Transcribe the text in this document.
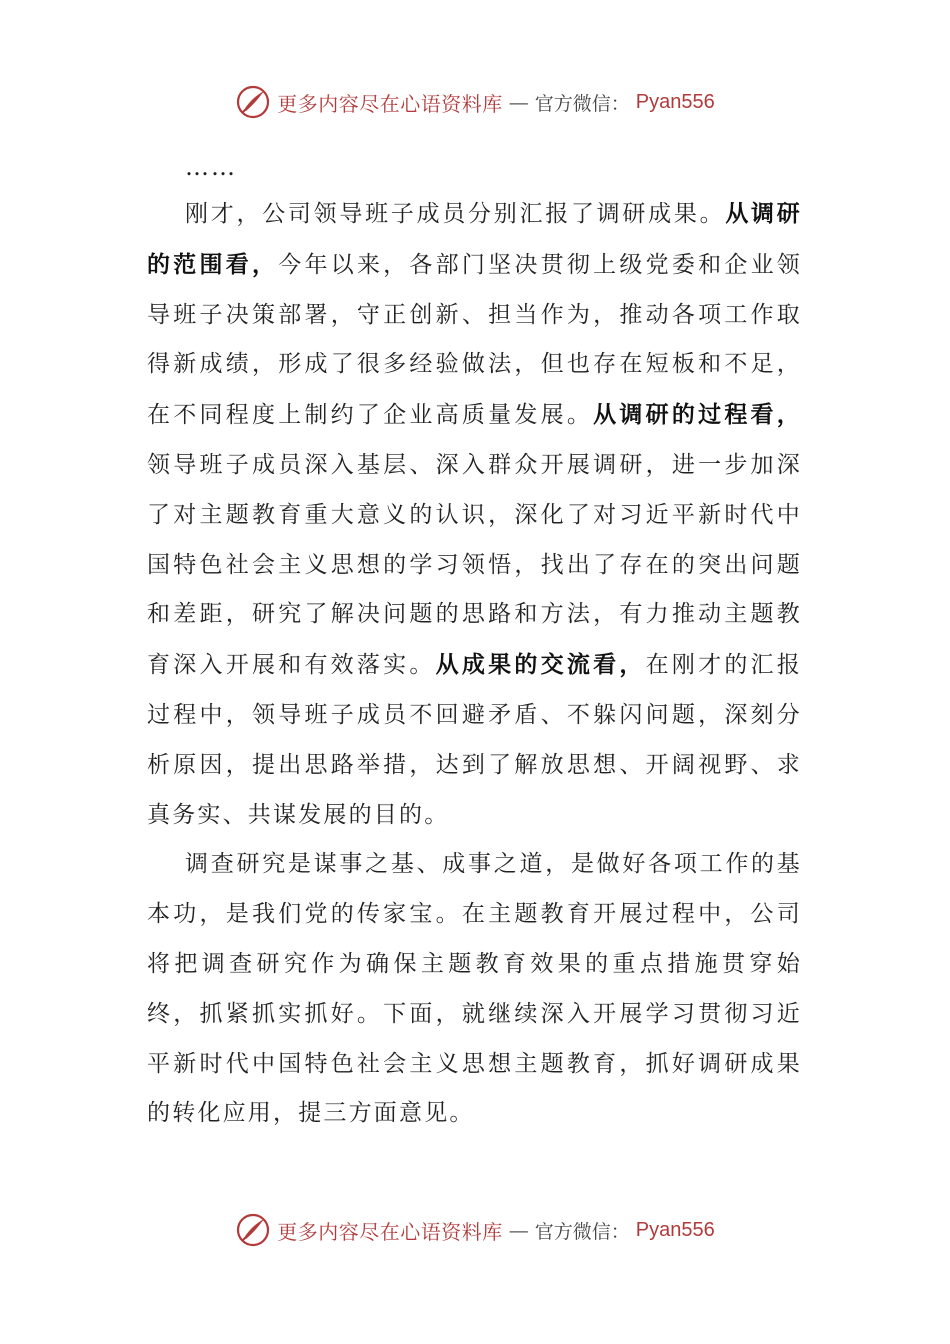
更多内容尽在心语资料库 — 官方微信： Pyan556
……

刚才，公司领导班子成员分别汇报了调研成果。从调研的范围看，今年以来，各部门坚决贯彻上级党委和企业领导班子决策部署，守正创新、担当作为，推动各项工作取得新成绩，形成了很多经验做法，但也存在短板和不足，在不同程度上制约了企业高质量发展。从调研的过程看，领导班子成员深入基层、深入群众开展调研，进一步加深了对主题教育重大意义的认识，深化了对习近平新时代中国特色社会主义思想的学习领悟，找出了存在的突出问题和差距，研究了解决问题的思路和方法，有力推动主题教育深入开展和有效落实。从成果的交流看，在刚才的汇报过程中，领导班子成员不回避矛盾、不躲闪问题，深刻分析原因，提出思路举措，达到了解放思想、开阔视野、求真务实、共谋发展的目的。

调查研究是谋事之基、成事之道，是做好各项工作的基本功，是我们党的传家宝。在主题教育开展过程中，公司将把调查研究作为确保主题教育效果的重点措施贯穿始终，抓紧抓实抓好。下面，就继续深入开展学习贯彻习近平新时代中国特色社会主义思想主题教育，抓好调研成果的转化应用，提三方面意见。

更多内容尽在心语资料库 — 官方微信： Pyan556
